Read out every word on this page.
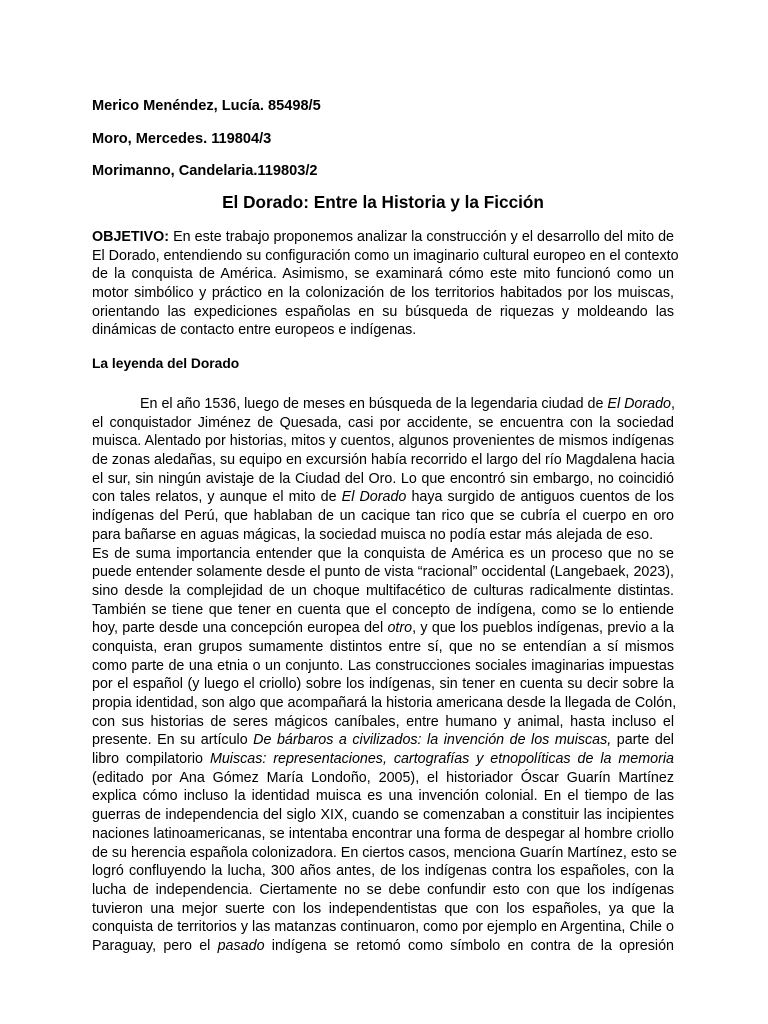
Merico Menéndez, Lucía. 85498/5
Moro, Mercedes. 119804/3
Morimanno, Candelaria.119803/2
El Dorado: Entre la Historia y la Ficción
OBJETIVO: En este trabajo proponemos analizar la construcción y el desarrollo del mito de
El Dorado, entendiendo su configuración como un imaginario cultural europeo en el contexto
de la conquista de América. Asimismo, se examinará cómo este mito funcionó como un
motor simbólico y práctico en la colonización de los territorios habitados por los muiscas,
orientando las expediciones españolas en su búsqueda de riquezas y moldeando las
dinámicas de contacto entre europeos e indígenas.
La leyenda del Dorado
En el año 1536, luego de meses en búsqueda de la legendaria ciudad de El Dorado,
el conquistador Jiménez de Quesada, casi por accidente, se encuentra con la sociedad
muisca. Alentado por historias, mitos y cuentos, algunos provenientes de mismos indígenas
de zonas aledañas, su equipo en excursión había recorrido el largo del río Magdalena hacia
el sur, sin ningún avistaje de la Ciudad del Oro. Lo que encontró sin embargo, no coincidió
con tales relatos, y aunque el mito de El Dorado haya surgido de antiguos cuentos de los
indígenas del Perú, que hablaban de un cacique tan rico que se cubría el cuerpo en oro
para bañarse en aguas mágicas, la sociedad muisca no podía estar más alejada de eso.
Es de suma importancia entender que la conquista de América es un proceso que no se
puede entender solamente desde el punto de vista “racional” occidental (Langebaek, 2023),
sino desde la complejidad de un choque multifacético de culturas radicalmente distintas.
También se tiene que tener en cuenta que el concepto de indígena, como se lo entiende
hoy, parte desde una concepción europea del otro, y que los pueblos indígenas, previo a la
conquista, eran grupos sumamente distintos entre sí, que no se entendían a sí mismos
como parte de una etnia o un conjunto. Las construcciones sociales imaginarias impuestas
por el español (y luego el criollo) sobre los indígenas, sin tener en cuenta su decir sobre la
propia identidad, son algo que acompañará la historia americana desde la llegada de Colón,
con sus historias de seres mágicos caníbales, entre humano y animal, hasta incluso el
presente. En su artículo De bárbaros a civilizados: la invención de los muiscas, parte del
libro compilatorio Muiscas: representaciones, cartografías y etnopolíticas de la memoria
(editado por Ana Gómez María Londoño, 2005), el historiador Óscar Guarín Martínez
explica cómo incluso la identidad muisca es una invención colonial. En el tiempo de las
guerras de independencia del siglo XIX, cuando se comenzaban a constituir las incipientes
naciones latinoamericanas, se intentaba encontrar una forma de despegar al hombre criollo
de su herencia española colonizadora. En ciertos casos, menciona Guarín Martínez, esto se
logró confluyendo la lucha, 300 años antes, de los indígenas contra los españoles, con la
lucha de independencia. Ciertamente no se debe confundir esto con que los indígenas
tuvieron una mejor suerte con los independentistas que con los españoles, ya que la
conquista de territorios y las matanzas continuaron, como por ejemplo en Argentina, Chile o
Paraguay, pero el pasado indígena se retomó como símbolo en contra de la opresión
